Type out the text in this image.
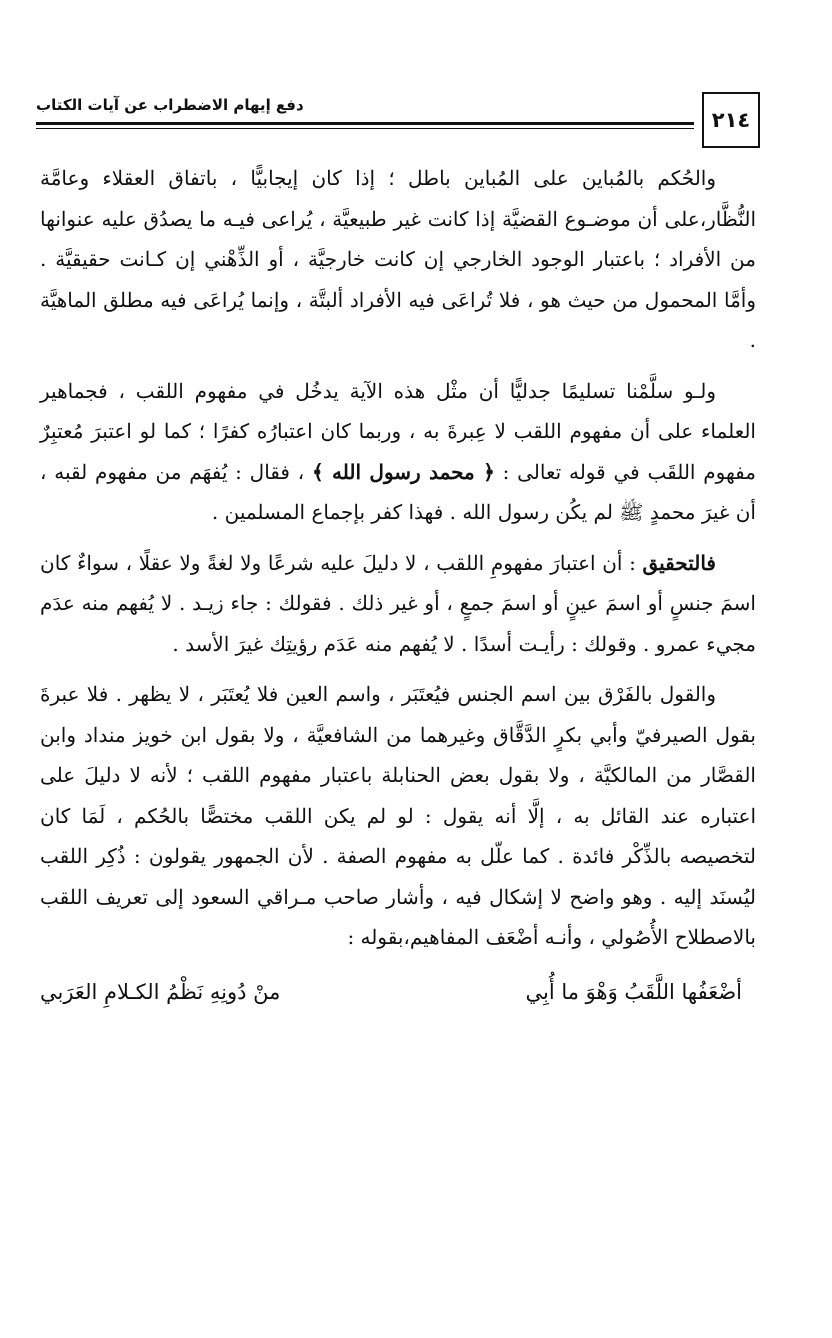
دفع إيهام الاضطراب عن آيات الكتاب
٢١٤

والحُكم بالمُباين على المُباين باطل ؛ إذا كان إيجابيًّا ، باتفاق العقلاء وعامَّة النُّظَّار،على أن موضـوع القضيَّة إذا كانت غير طبيعيَّة ، يُراعى فيـه ما يصدُق عليه عنوانها من الأفراد ؛ باعتبار الوجود الخارجي إن كانت خارجيَّة ، أو الذِّهْني إن كـانت حقيقيَّة . وأمَّا المحمول من حيث هو ، فلا تُراعَى فيه الأفراد ألبتَّة ، وإنما يُراعَى فيه مطلق الماهيَّة .

ولـو سلَّمْنا تسليمًا جدليًّا أن مثْل هذه الآية يدخُل في مفهوم اللقب ، فجماهير العلماء على أن مفهوم اللقب لا عِبرةَ به ، وربما كان اعتبارُه كفرًا ؛ كما لو اعتبرَ مُعتبِرٌ مفهوم اللقَب في قوله تعالى : ﴿ محمد رسول الله ﴾ ، فقال : يُفهَم من مفهوم لقبه ، أن غيرَ محمدٍ ﷺ لم يكُن رسول الله . فهذا كفر بإجماع المسلمين .

فالتحقيق : أن اعتبارَ مفهومِ اللقب ، لا دليلَ عليه شرعًا ولا لغةً ولا عقلًا ، سواءٌ كان اسمَ جنسٍ أو اسمَ عينٍ أو اسمَ جمعٍ ، أو غير ذلك . فقولك : جاء زيـد . لا يُفهم منه عدَم مجيء عمرو . وقولك : رأيـت أسدًا . لا يُفهم منه عَدَم رؤيتِك غيرَ الأسد .

والقول بالفَرْق بين اسم الجنس فيُعتَبَر ، واسم العين فلا يُعتَبَر ، لا يظهر . فلا عبرةَ بقول الصيرفيّ وأبي بكرٍ الدَّقَّاق وغيرهما من الشافعيَّة ، ولا بقول ابن خويز منداد وابن القصَّار من المالكيَّة ، ولا بقول بعض الحنابلة باعتبار مفهوم اللقب ؛ لأنه لا دليلَ على اعتباره عند القائل به ، إلَّا أنه يقول : لو لم يكن اللقب مختصًّا بالحُكم ، لَمَا كان لتخصيصه بالذِّكْر فائدة . كما علّل به مفهوم الصفة . لأن الجمهور يقولون : ذُكِر اللقب ليُسنَد إليه . وهو واضح لا إشكال فيه ، وأشار صاحب مـراقي السعود إلى تعريف اللقب بالاصطلاح الأُصُولي ، وأنـه أضْعَف المفاهيم،بقوله :

أضْعَفُها اللَّقَبُ وَهْوَ ما أُبِي
منْ دُونِهِ نَظْمُ الكـلامِ العَرَبي
